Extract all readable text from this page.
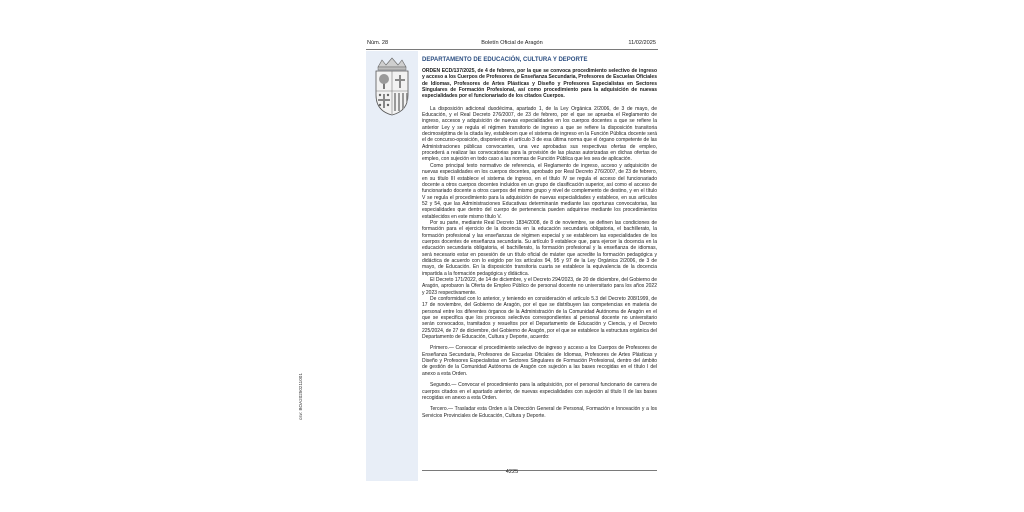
Boletín Oficial de Aragón
Núm. 28	11/02/2025
DEPARTAMENTO DE EDUCACIÓN, CULTURA Y DEPORTE
ORDEN ECD/137/2025, de 4 de febrero, por la que se convoca procedimiento selectivo de ingreso y acceso a los Cuerpos de Profesores de Enseñanza Secundaria, Profesores de Escuelas Oficiales de Idiomas, Profesores de Artes Plásticas y Diseño y Profesores Especialistas en Sectores Singulares de Formación Profesional, así como procedimiento para la adquisición de nuevas especialidades por el funcionariado de los citados Cuerpos.

La disposición adicional duodécima, apartado 1, de la Ley Orgánica 2/2006, de 3 de mayo, de Educación, y el Real Decreto 276/2007, de 23 de febrero, por el que se aprueba el Reglamento de ingreso, accesos y adquisición de nuevas especialidades en los cuerpos docentes a que se refiere la anterior Ley y se regula el régimen transitorio de ingreso a que se refiere la disposición transitoria decimoséptima de la citada ley, establecen que el sistema de ingreso en la Función Pública docente será el de concurso-oposición, disponiendo el artículo 3 de esa última norma que el órgano competente de las Administraciones públicas convocantes, una vez aprobadas sus respectivas ofertas de empleo, procederá a realizar las convocatorias para la provisión de las plazas autorizadas en dichas ofertas de empleo, con sujeción en todo caso a las normas de Función Pública que les sea de aplicación.

Como principal texto normativo de referencia, el Reglamento de ingreso, acceso y adquisición de nuevas especialidades en los cuerpos docentes, aprobado por Real Decreto 276/2007, de 23 de febrero, en su título III establece el sistema de ingreso, en el título IV se regula el acceso del funcionariado docente a otros cuerpos docentes incluidos en un grupo de clasificación superior, así como el acceso de funcionariado docente a otros cuerpos del mismo grupo y nivel de complemento de destino, y en el título V se regula el procedimiento para la adquisición de nuevas especialidades y establece, en sus artículos 52 y 54, que las Administraciones Educativas determinarán mediante las oportunas convocatorias, las especialidades que dentro del cuerpo de pertenencia pueden adquirirse mediante los procedimientos establecidos en este mismo título V.

Por su parte, mediante Real Decreto 1834/2008, de 8 de noviembre, se definen las condiciones de formación para el ejercicio de la docencia en la educación secundaria obligatoria, el bachillerato, la formación profesional y las enseñanzas de régimen especial y se establecen las especialidades de los cuerpos docentes de enseñanza secundaria. Su artículo 9 establece que, para ejercer la docencia en la educación secundaria obligatoria, el bachillerato, la formación profesional y la enseñanza de idiomas, será necesario estar en posesión de un título oficial de máster que acredite la formación pedagógica y didáctica de acuerdo con lo exigido por los artículos 94, 95 y 97 de la Ley Orgánica 2/2006, de 3 de mayo, de Educación. En la disposición transitoria cuarta se establece la equivalencia de la docencia impartida a la formación pedagógica y didáctica.

El Decreto 171/2022, de 14 de diciembre, y el Decreto 294/2023, de 20 de diciembre, del Gobierno de Aragón, aprobaron la Oferta de Empleo Público de personal docente no universitario para los años 2022 y 2023 respectivamente.

De conformidad con lo anterior, y teniendo en consideración el artículo 5.3 del Decreto 208/1999, de 17 de noviembre, del Gobierno de Aragón, por el que se distribuyen las competencias en materia de personal entre los diferentes órganos de la Administración de la Comunidad Autónoma de Aragón en el que se especifica que los procesos selectivos correspondientes al personal docente no universitario serán convocados, tramitados y resueltos por el Departamento de Educación y Ciencia, y el Decreto 225/2024, de 27 de diciembre, del Gobierno de Aragón, por el que se establece la estructura orgánica del Departamento de Educación, Cultura y Deporte, acuerdo:

Primero.— Convocar el procedimiento selectivo de ingreso y acceso a los Cuerpos de Profesores de Enseñanza Secundaria, Profesores de Escuelas Oficiales de Idiomas, Profesores de Artes Plásticas y Diseño y Profesores Especialistas en Sectores Singulares de Formación Profesional, dentro del ámbito de gestión de la Comunidad Autónoma de Aragón con sujeción a las bases recogidas en el título I del anexo a esta Orden.

Segundo.— Convocar el procedimiento para la adquisición, por el personal funcionario de carrera de cuerpos citados en el apartado anterior, de nuevas especialidades con sujeción al título II de las bases recogidas en anexo a esta Orden.

Tercero.— Trasladar esta Orden a la Dirección General de Personal, Formación e Innovación y a los Servicios Provinciales de Educación, Cultura y Deporte.

4225
csv: BOA20250211001
